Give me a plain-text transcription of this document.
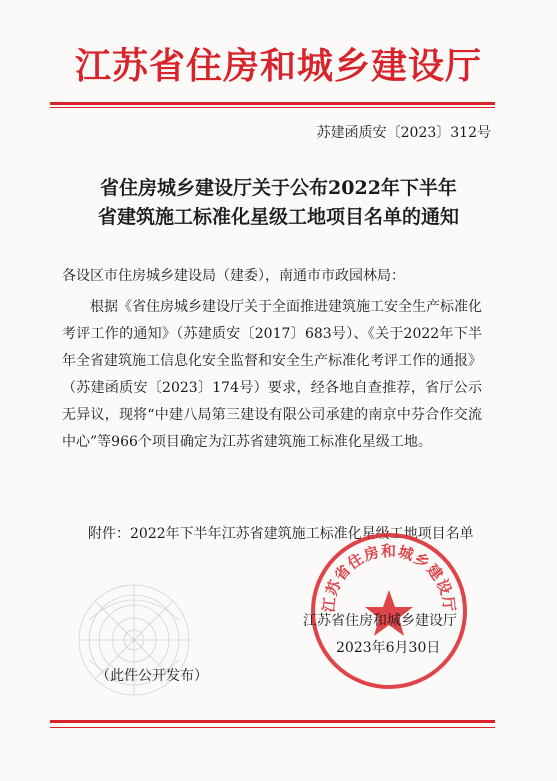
江苏省住房和城乡建设厅
苏建函质安〔2023〕312号
省住房城乡建设厅关于公布2022年下半年
省建筑施工标准化星级工地项目名单的通知
各设区市住房城乡建设局（建委），南通市市政园林局：

根据《省住房城乡建设厅关于全面推进建筑施工安全生产标准化考评工作的通知》（苏建质安〔2017〕683号）、《关于2022年下半年全省建筑施工信息化安全监督和安全生产标准化考评工作的通报》（苏建函质安〔2023〕174号）要求，经各地自查推荐，省厅公示无异议，现将“中建八局第三建设有限公司承建的南京中芬合作交流中心”等966个项目确定为江苏省建筑施工标准化星级工地。

附件：2022年下半年江苏省建筑施工标准化星级工地项目名单
江苏省住房和城乡建设厅
江苏省住房和城乡建设厅
2023年6月30日
（此件公开发布）
